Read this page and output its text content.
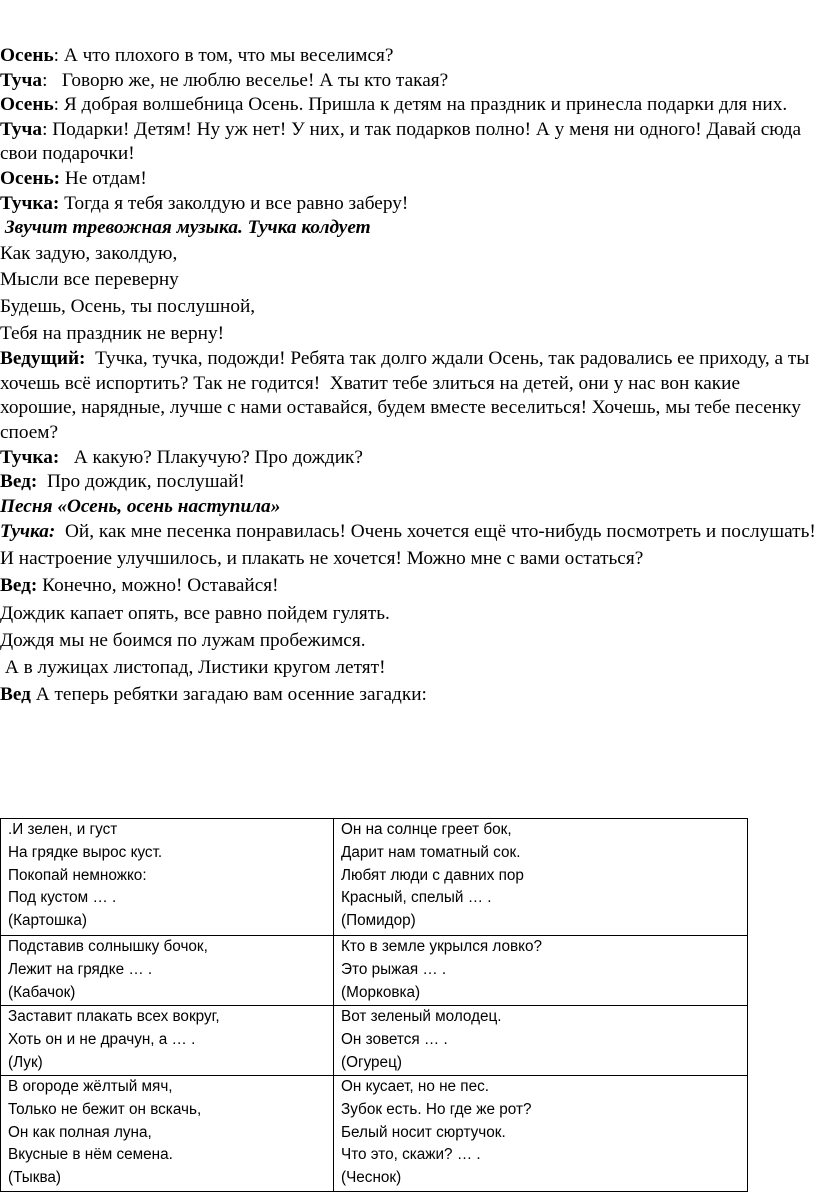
Осень: А что плохого в том, что мы веселимся?

Туча:   Говорю же, не люблю веселье! А ты кто такая?

Осень: Я добрая волшебница Осень. Пришла к детям на праздник и принесла подарки для них.

Туча: Подарки! Детям! Ну уж нет! У них, и так подарков полно! А у меня ни одного! Давай сюда свои подарочки!

Осень: Не отдам!

Тучка: Тогда я тебя заколдую и все равно заберу!

Звучит тревожная музыка. Тучка колдует

Как задую, заколдую,

Мысли все переверну

Будешь, Осень, ты послушной,

Тебя на праздник не верну!

Ведущий:  Тучка, тучка, подожди! Ребята так долго ждали Осень, так радовались ее приходу, а ты хочешь всё испортить? Так не годится!  Хватит тебе злиться на детей, они у нас вон какие хорошие, нарядные, лучше с нами оставайся, будем вместе веселиться! Хочешь, мы тебе песенку споем?

Тучка:   А какую? Плакучую? Про дождик?

Вед:  Про дождик, послушай!

Песня «Осень, осень наступила»

Тучка:  Ой, как мне песенка понравилась! Очень хочется ещё что-нибудь посмотреть и послушать! И настроение улучшилось, и плакать не хочется! Можно мне с вами остаться?

Вед: Конечно, можно! Оставайся!

Дождик капает опять, все равно пойдем гулять.

Дождя мы не боимся по лужам пробежимся.

А в лужицах листопад, Листики кругом летят!

Вед А теперь ребятки загадаю вам осенние загадки:

.И зелен, и густ
На грядке вырос куст.
Покопай немножко:
Под кустом … .
(Картошка)	Он на солнце греет бок,
Дарит нам томатный сок.
Любят люди с давних пор
Красный, спелый … .
(Помидор)

Подставив солнышку бочок,
Лежит на грядке … .
(Кабачок)	Кто в земле укрылся ловко?
Это рыжая … .
(Морковка)

Заставит плакать всех вокруг,
Хоть он и не драчун, а … .
(Лук)	Вот зеленый молодец.
Он зовется … .
(Огурец)

В огороде жёлтый мяч,
Только не бежит он вскачь,
Он как полная луна,
Вкусные в нём семена.
(Тыква)	Он кусает, но не пес.
Зубок есть. Но где же рот?
Белый носит сюртучок.
Что это, скажи? … .
(Чеснок)
